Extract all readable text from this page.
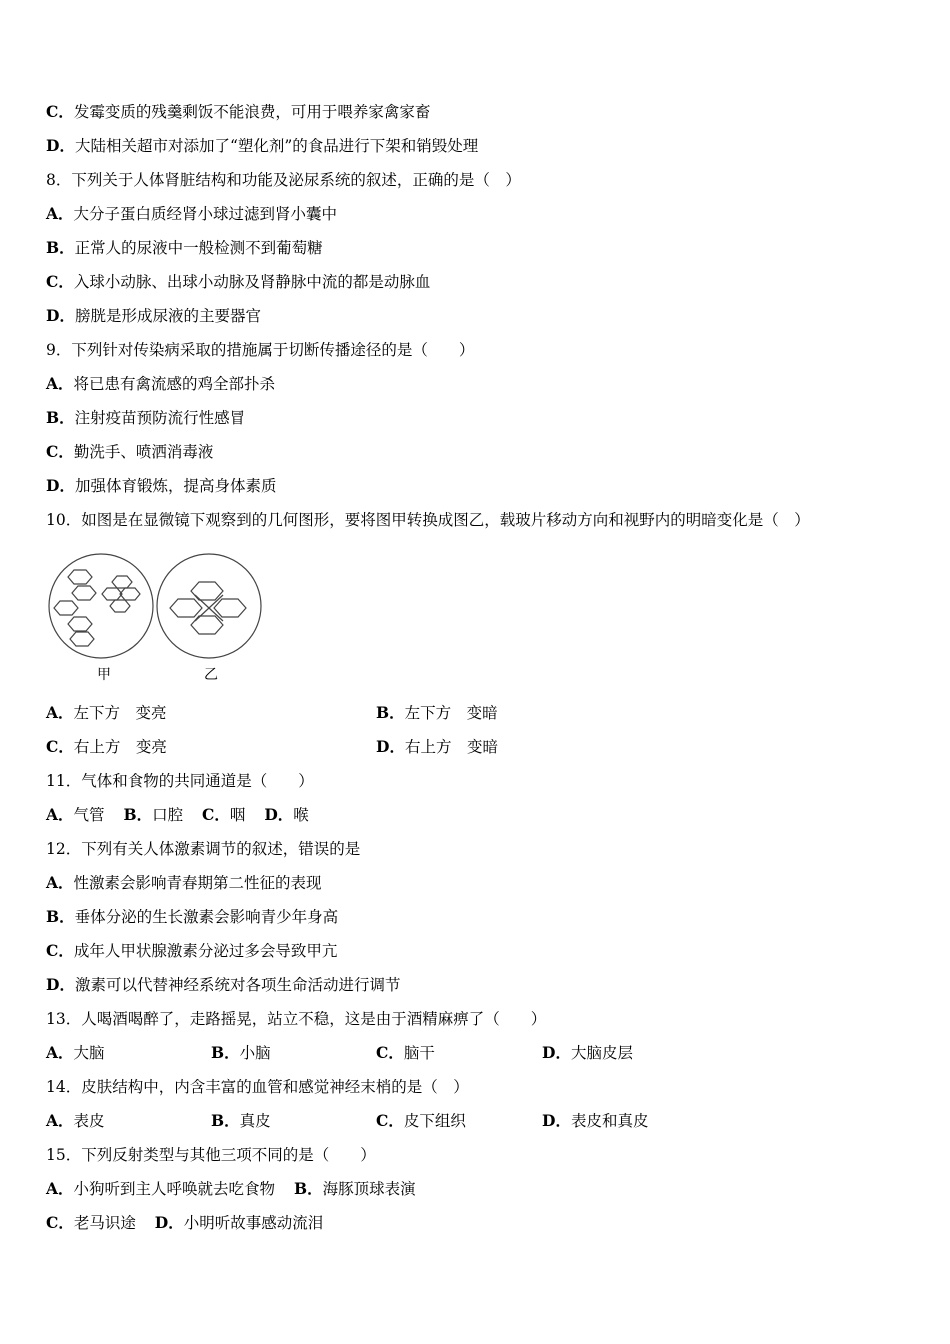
C．发霉变质的残羹剩饭不能浪费，可用于喂养家禽家畜
D．大陆相关超市对添加了“塑化剂”的食品进行下架和销毁处理
8．下列关于人体肾脏结构和功能及泌尿系统的叙述，正确的是（　）
A．大分子蛋白质经肾小球过滤到肾小囊中
B．正常人的尿液中一般检测不到葡萄糖
C．入球小动脉、出球小动脉及肾静脉中流的都是动脉血
D．膀胱是形成尿液的主要器官
9．下列针对传染病采取的措施属于切断传播途径的是（　　）
A．将已患有禽流感的鸡全部扑杀
B．注射疫苗预防流行性感冒
C．勤洗手、喷洒消毒液
D．加强体育锻炼，提高身体素质
10．如图是在显微镜下观察到的几何图形，要将图甲转换成图乙，载玻片移动方向和视野内的明暗变化是（　）
甲	乙
A．左下方　变亮	B．左下方　变暗
C．右上方　变亮	D．右上方　变暗
11．气体和食物的共同通道是（　　）
A．气管 B．口腔 C．咽 D．喉
12．下列有关人体激素调节的叙述，错误的是
A．性激素会影响青春期第二性征的表现
B．垂体分泌的生长激素会影响青少年身高
C．成年人甲状腺激素分泌过多会导致甲亢
D．激素可以代替神经系统对各项生命活动进行调节
13．人喝酒喝醉了，走路摇晃，站立不稳，这是由于酒精麻痹了（　　）
A．大脑	B．小脑	C．脑干	D．大脑皮层
14．皮肤结构中，内含丰富的血管和感觉神经末梢的是（　）
A．表皮	B．真皮	C．皮下组织	D．表皮和真皮
15．下列反射类型与其他三项不同的是（　　）
A．小狗听到主人呼唤就去吃食物 B．海豚顶球表演
C．老马识途 D．小明听故事感动流泪
